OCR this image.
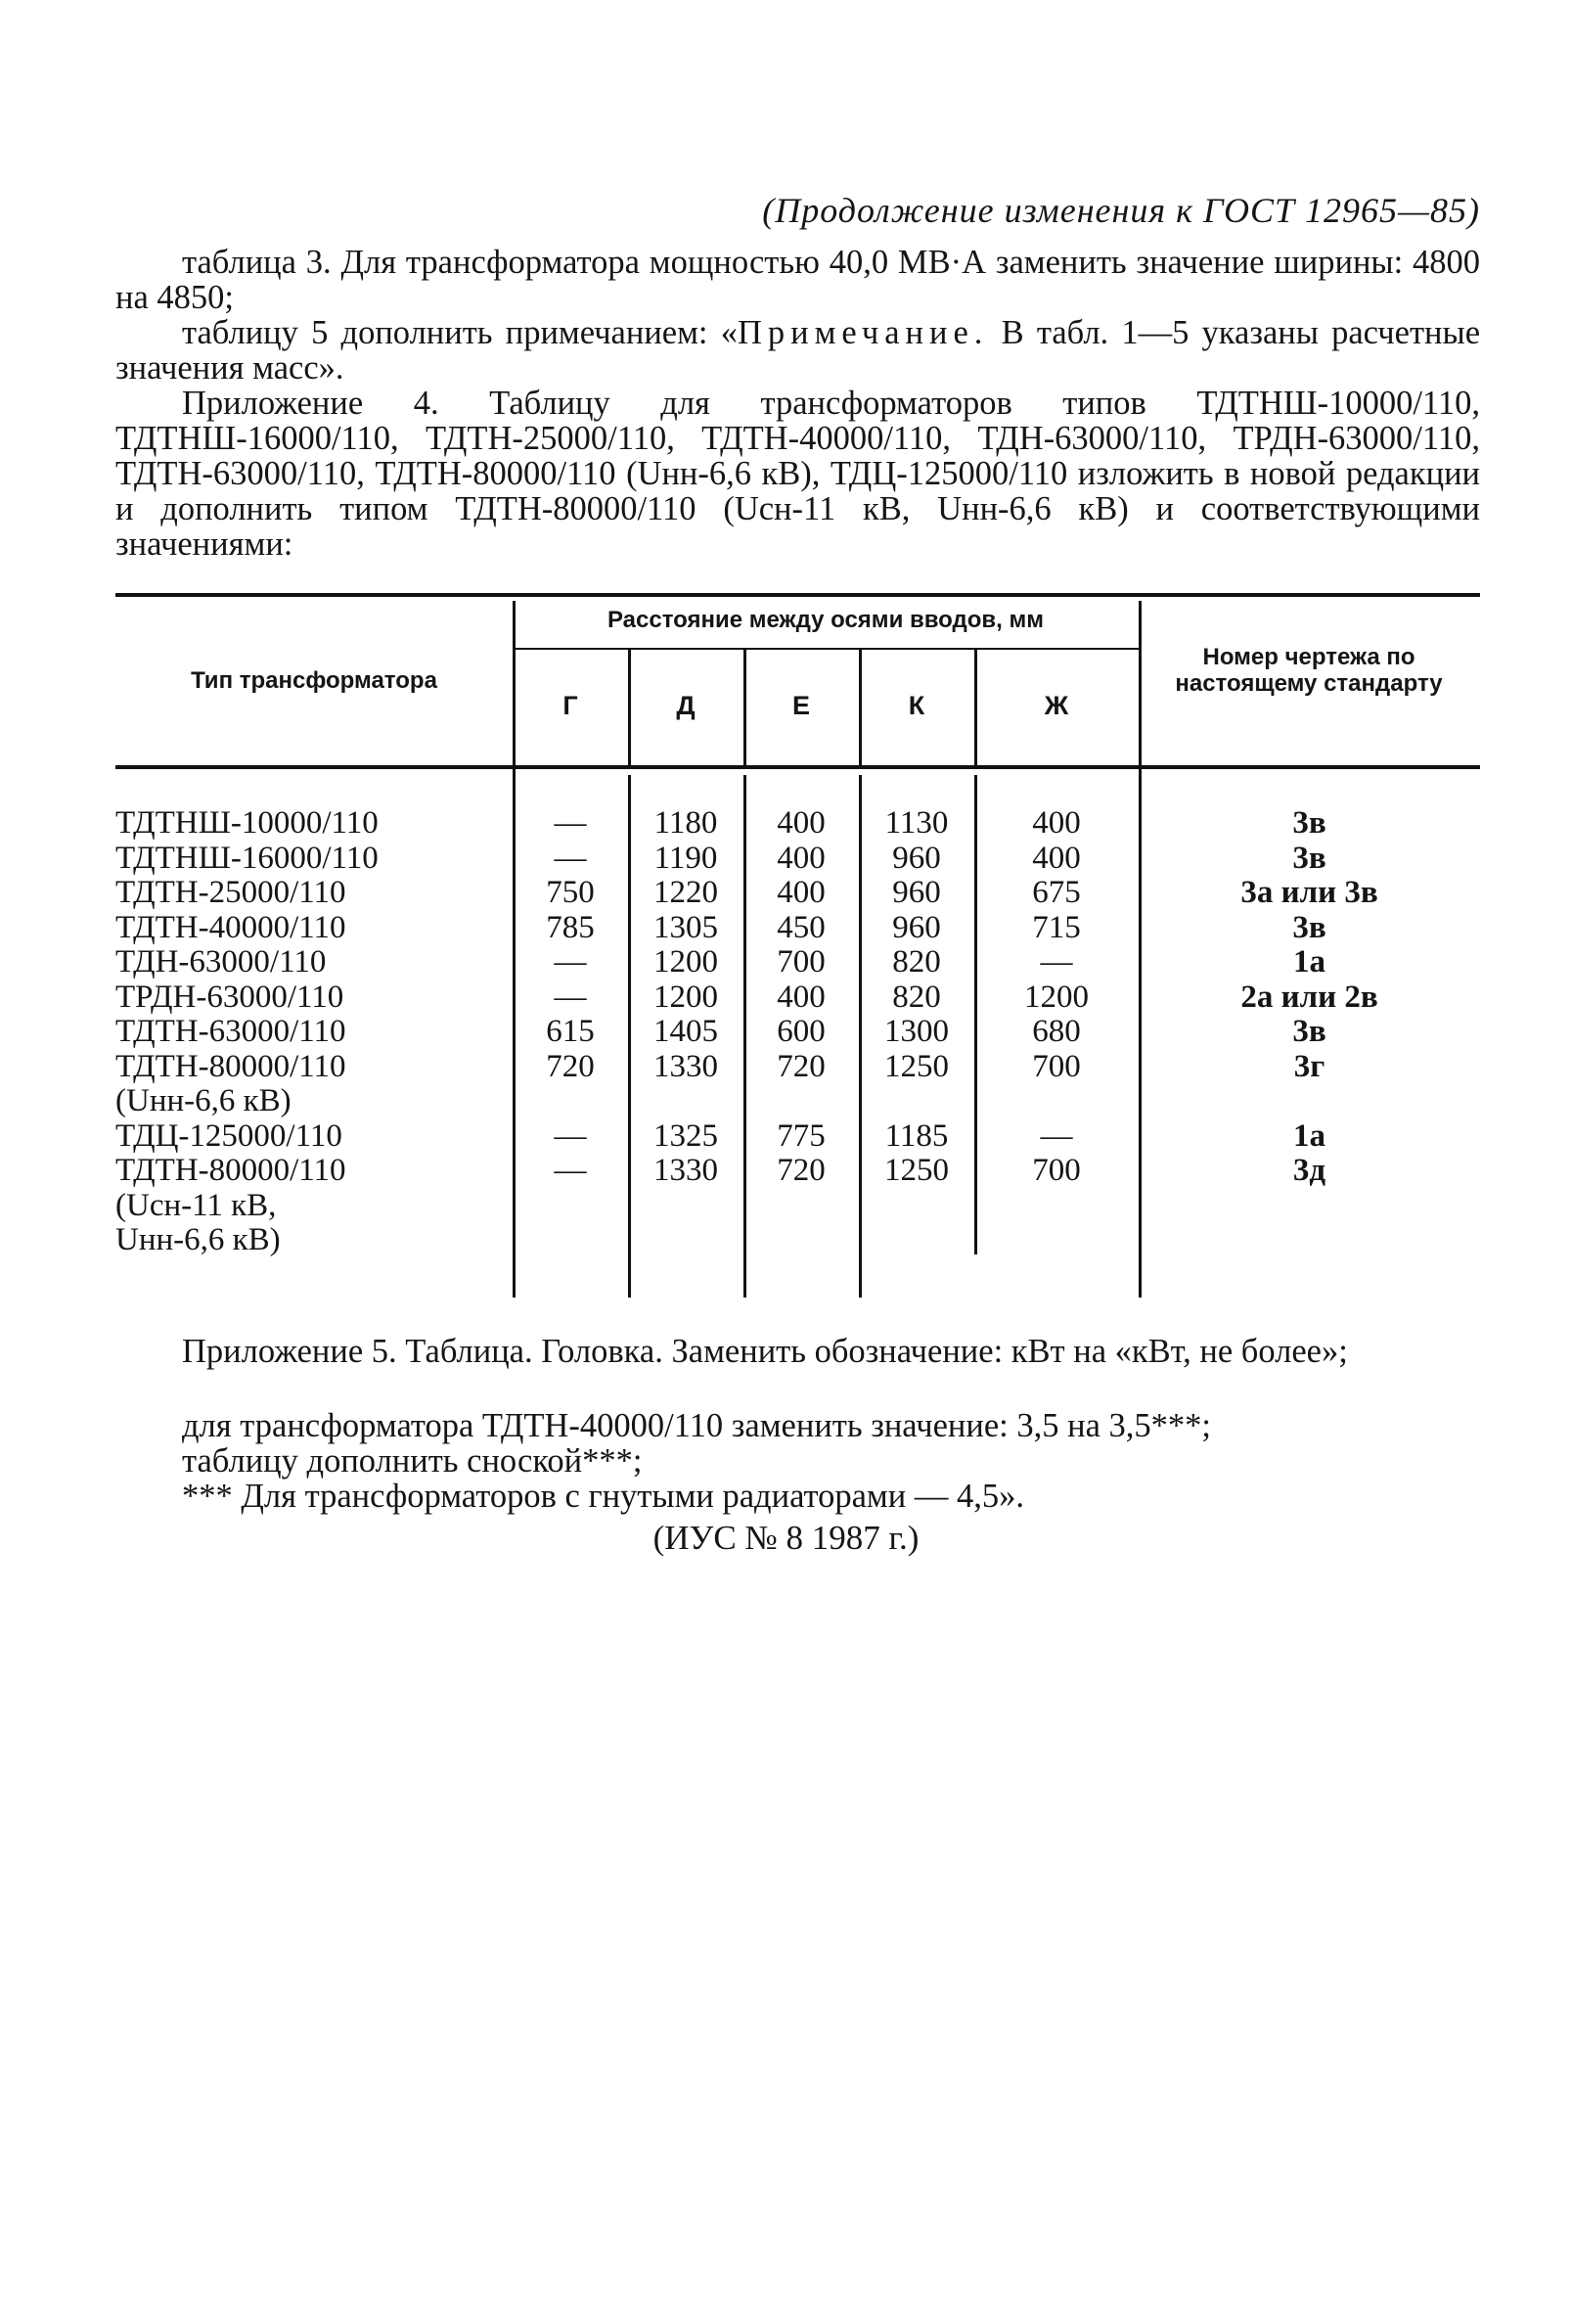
(Продолжение изменения к ГОСТ 12965—85)

таблица 3. Для трансформатора мощностью 40,0 МВ·А заменить значение ширины: 4800 на 4850;

таблицу 5 дополнить примечанием: «Примечание. В табл. 1—5 указаны расчетные значения масс».

Приложение 4. Таблицу для трансформаторов типов ТДТНШ-10000/110, ТДТНШ-16000/110, ТДТН-25000/110, ТДТН-40000/110, ТДН-63000/110, ТРДН-63000/110, ТДТН-63000/110, ТДТН-80000/110 (Uнн-6,6 кВ), ТДЦ-125000/110 изложить в новой редакции и дополнить типом ТДТН-80000/110 (Uсн-11 кВ, Uнн-6,6 кВ) и соответствующими значениями:

Тип трансформатора
Расстояние между осями вводов, мм
Номер чертежа по настоящему стандарту
Г	Д	Е	К	Ж
ТДТНШ-10000/110	—	1180	400	1130	400	3в
ТДТНШ-16000/110	—	1190	400	960	400	3в
ТДТН-25000/110	750	1220	400	960	675	3а или 3в
ТДТН-40000/110	785	1305	450	960	715	3в
ТДН-63000/110	—	1200	700	820	—	1а
ТРДН-63000/110	—	1200	400	820	1200	2а или 2в
ТДТН-63000/110	615	1405	600	1300	680	3в
ТДТН-80000/110	720	1330	720	1250	700	3г
(Uнн-6,6 кВ)
ТДЦ-125000/110	—	1325	775	1185	—	1а
ТДТН-80000/110	—	1330	720	1250	700	3д
(Uсн-11 кВ,
Uнн-6,6 кВ)

Приложение 5. Таблица. Головка. Заменить обозначение: кВт на «кВт, не более»;

для трансформатора ТДТН-40000/110 заменить значение: 3,5 на 3,5***;

таблицу дополнить сноской***;

*** Для трансформаторов с гнутыми радиаторами — 4,5».

(ИУС № 8 1987 г.)
